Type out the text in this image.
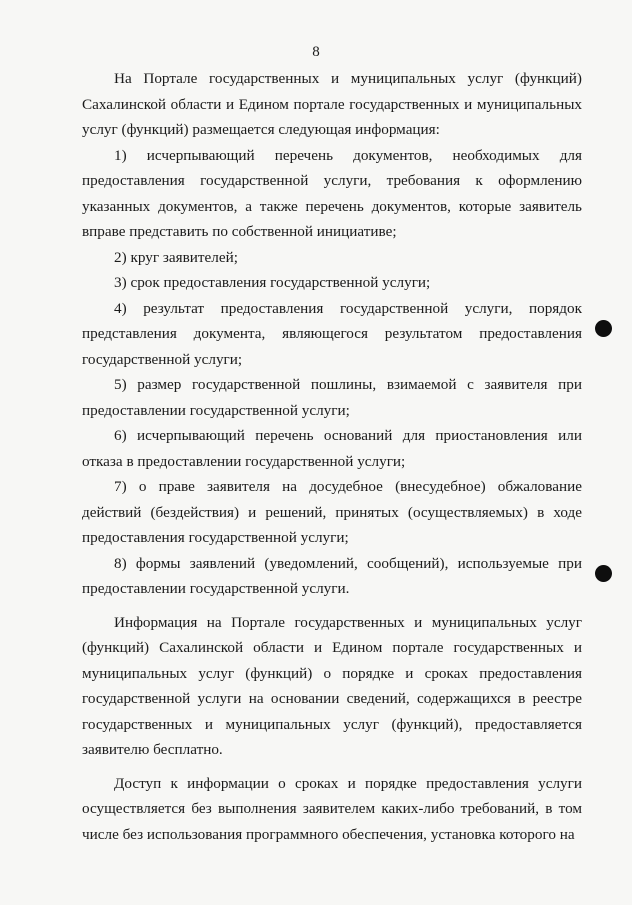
8

На Портале государственных и муниципальных услуг (функций) Сахалинской области и Едином портале государственных и муниципальных услуг (функций) размещается следующая информация:

1) исчерпывающий перечень документов, необходимых для предоставления государственной услуги, требования к оформлению указанных документов, а также перечень документов, которые заявитель вправе представить по собственной инициативе;

2) круг заявителей;

3) срок предоставления государственной услуги;

4) результат предоставления государственной услуги, порядок представления документа, являющегося результатом предоставления государственной услуги;

5) размер государственной пошлины, взимаемой с заявителя при предоставлении государственной услуги;

6) исчерпывающий перечень оснований для приостановления или отказа в предоставлении государственной услуги;

7) о праве заявителя на досудебное (внесудебное) обжалование действий (бездействия) и решений, принятых (осуществляемых) в ходе предоставления государственной услуги;

8) формы заявлений (уведомлений, сообщений), используемые при предоставлении государственной услуги.

Информация на Портале государственных и муниципальных услуг (функций) Сахалинской области и Едином портале государственных и муниципальных услуг (функций) о порядке и сроках предоставления государственной услуги на основании сведений, содержащихся в реестре государственных и муниципальных услуг (функций), предоставляется заявителю бесплатно.

Доступ к информации о сроках и порядке предоставления услуги осуществляется без выполнения заявителем каких-либо требований, в том числе без использования программного обеспечения, установка которого на
